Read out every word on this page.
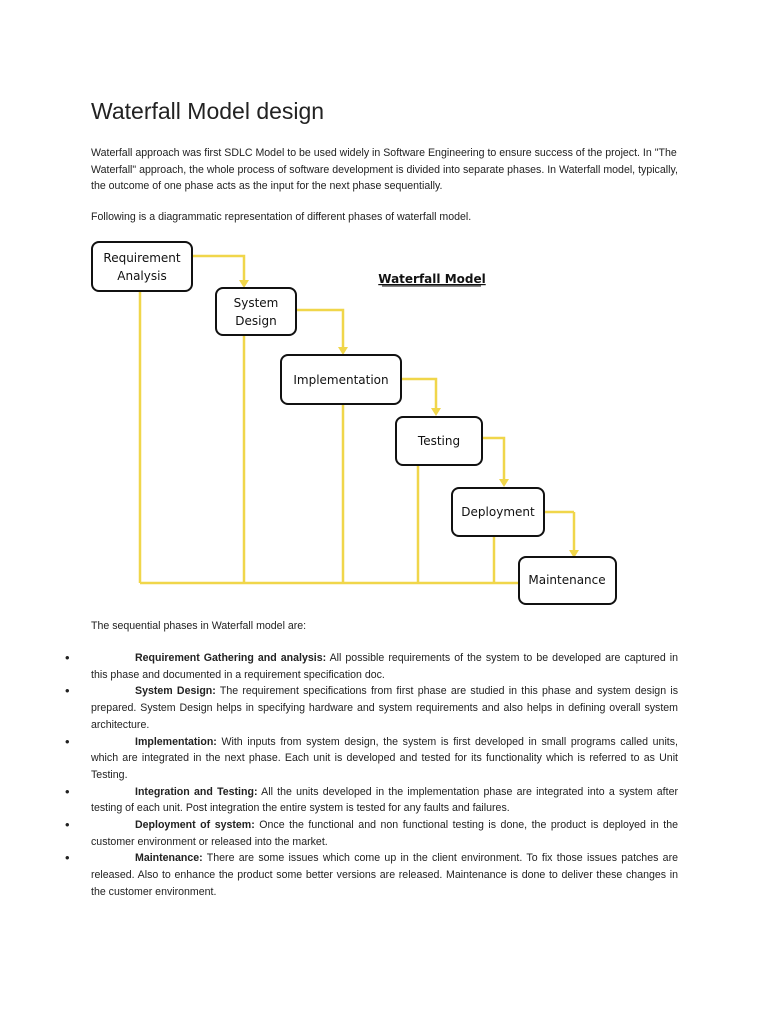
Waterfall Model design

Waterfall approach was first SDLC Model to be used widely in Software Engineering to ensure success of the project. In "The Waterfall" approach, the whole process of software development is divided into separate phases. In Waterfall model, typically, the outcome of one phase acts as the input for the next phase sequentially.

Following is a diagrammatic representation of different phases of waterfall model.

Requirement
Analysis
System
Design
Implementation
Testing
Deployment
Maintenance
Waterfall Model

The sequential phases in Waterfall model are:

•	Requirement Gathering and analysis: All possible requirements of the system to be developed are captured in this phase and documented in a requirement specification doc.
•	System Design: The requirement specifications from first phase are studied in this phase and system design is prepared. System Design helps in specifying hardware and system requirements and also helps in defining overall system architecture.
•	Implementation: With inputs from system design, the system is first developed in small programs called units, which are integrated in the next phase. Each unit is developed and tested for its functionality which is referred to as Unit Testing.
•	Integration and Testing: All the units developed in the implementation phase are integrated into a system after testing of each unit. Post integration the entire system is tested for any faults and failures.
•	Deployment of system: Once the functional and non functional testing is done, the product is deployed in the customer environment or released into the market.
•	Maintenance: There are some issues which come up in the client environment. To fix those issues patches are released. Also to enhance the product some better versions are released. Maintenance is done to deliver these changes in the customer environment.
